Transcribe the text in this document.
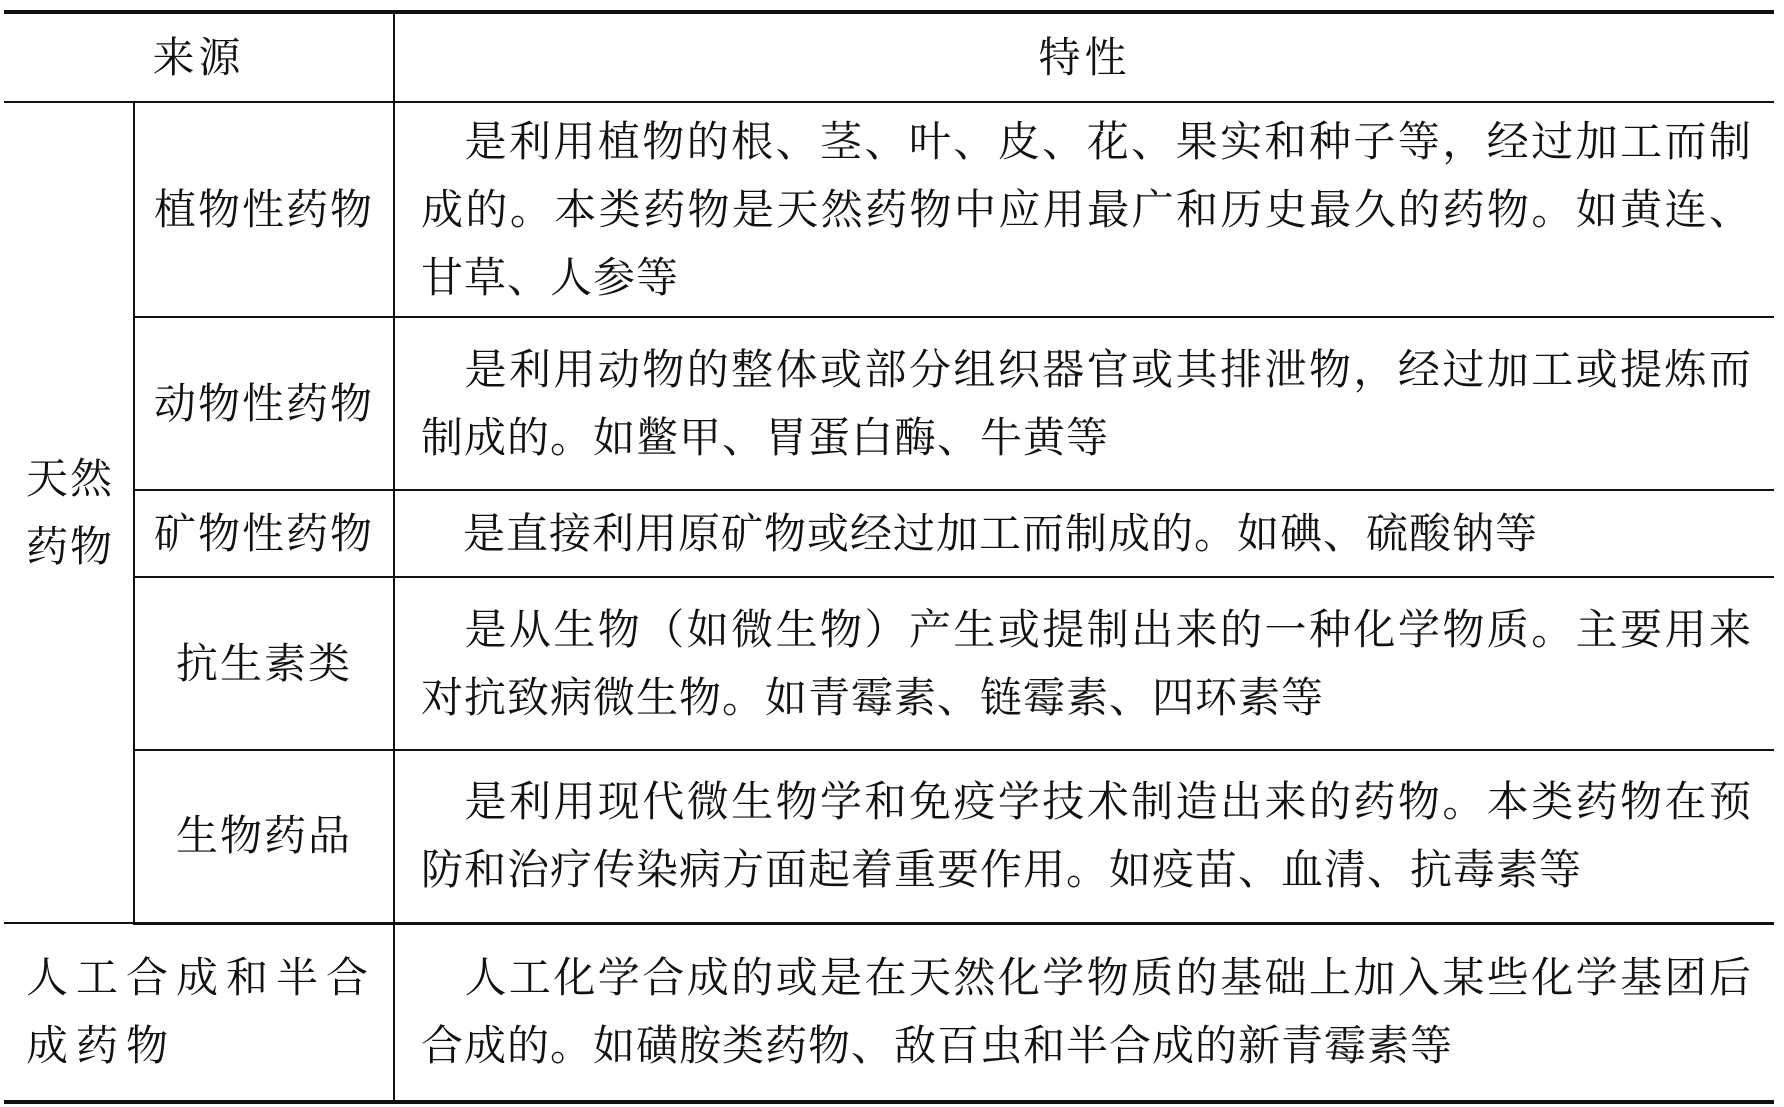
来源		特性
天然药物	植物性药物	是利用植物的根、茎、叶、皮、花、果实和种子等，经过加工而制成的。本类药物是天然药物中应用最广和历史最久的药物。如黄连、甘草、人参等
	动物性药物	是利用动物的整体或部分组织器官或其排泄物，经过加工或提炼而制成的。如鳖甲、胃蛋白酶、牛黄等
	矿物性药物	是直接利用原矿物或经过加工而制成的。如碘、硫酸钠等
	抗生素类	是从生物（如微生物）产生或提制出来的一种化学物质。主要用来对抗致病微生物。如青霉素、链霉素、四环素等
	生物药品	是利用现代微生物学和免疫学技术制造出来的药物。本类药物在预防和治疗传染病方面起着重要作用。如疫苗、血清、抗毒素等
人工合成和半合成药物		人工化学合成的或是在天然化学物质的基础上加入某些化学基团后合成的。如磺胺类药物、敌百虫和半合成的新青霉素等
